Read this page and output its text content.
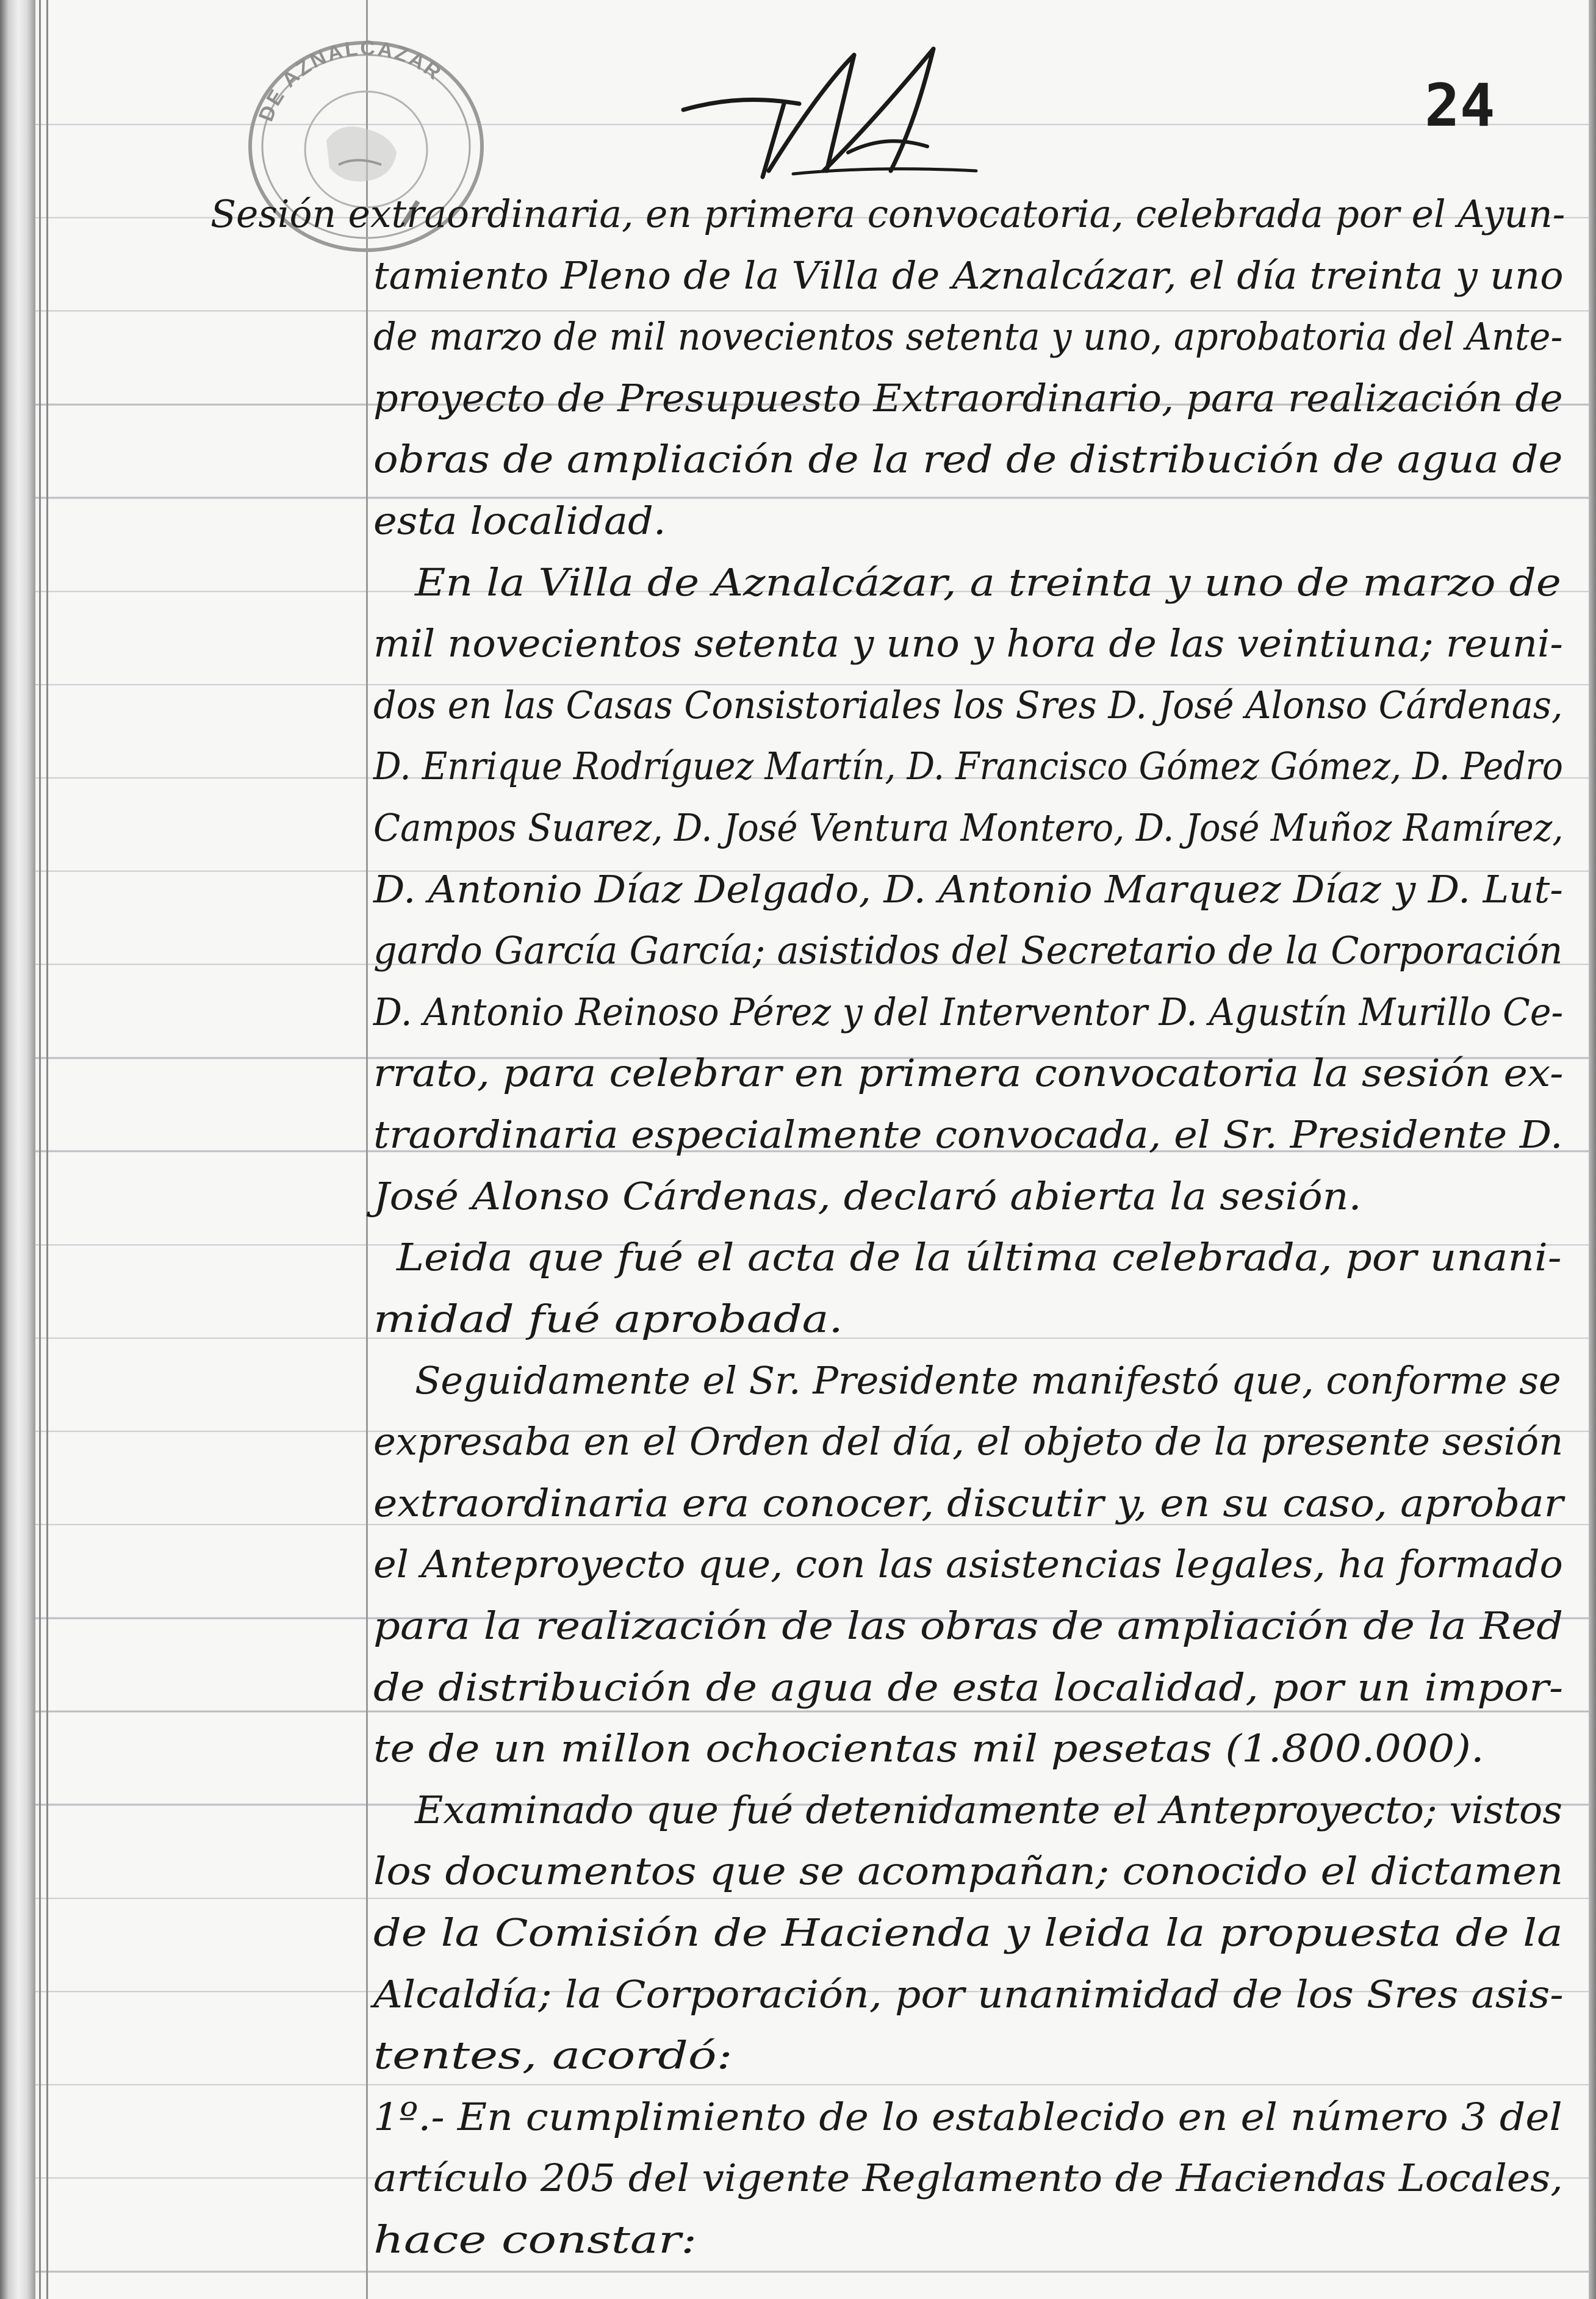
DE AZNALCAZAR
24
Sesión extraordinaria, en primera convocatoria, celebrada por el Ayun-
tamiento Pleno de la Villa de Aznalcázar, el día treinta y uno
de marzo de mil novecientos setenta y uno, aprobatoria del Ante-
proyecto de Presupuesto Extraordinario, para realización de
obras de ampliación de la red de distribución de agua de
esta localidad.
En la Villa de Aznalcázar, a treinta y uno de marzo de
mil novecientos setenta y uno y hora de las veintiuna; reuni-
dos en las Casas Consistoriales los Sres D. José Alonso Cárdenas,
D. Enrique Rodríguez Martín, D. Francisco Gómez Gómez, D. Pedro
Campos Suarez, D. José Ventura Montero, D. José Muñoz Ramírez,
D. Antonio Díaz Delgado, D. Antonio Marquez Díaz y D. Lut-
gardo García García; asistidos del Secretario de la Corporación
D. Antonio Reinoso Pérez y del Interventor D. Agustín Murillo Ce-
rrato, para celebrar en primera convocatoria la sesión ex-
traordinaria especialmente convocada, el Sr. Presidente D.
José Alonso Cárdenas, declaró abierta la sesión.
Leida que fué el acta de la última celebrada, por unani-
midad fué aprobada.
Seguidamente el Sr. Presidente manifestó que, conforme se
expresaba en el Orden del día, el objeto de la presente sesión
extraordinaria era conocer, discutir y, en su caso, aprobar
el Anteproyecto que, con las asistencias legales, ha formado
para la realización de las obras de ampliación de la Red
de distribución de agua de esta localidad, por un impor-
te de un millon ochocientas mil pesetas (1.800.000).
Examinado que fué detenidamente el Anteproyecto; vistos
los documentos que se acompañan; conocido el dictamen
de la Comisión de Hacienda y leida la propuesta de la
Alcaldía; la Corporación, por unanimidad de los Sres asis-
tentes, acordó:
1º.- En cumplimiento de lo establecido en el número 3 del
artículo 205 del vigente Reglamento de Haciendas Locales,
hace constar:
